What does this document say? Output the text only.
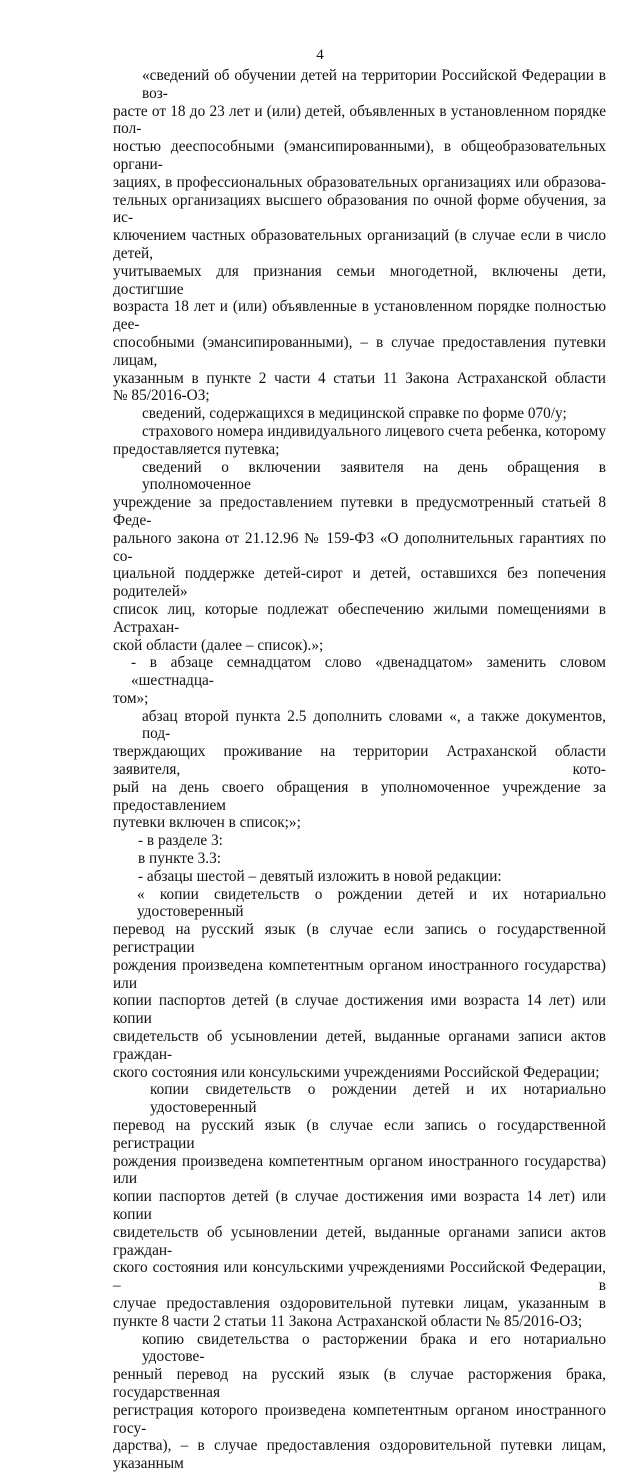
4

«сведений об обучении детей на территории Российской Федерации в воз-
расте от 18 до 23 лет и (или) детей, объявленных в установленном порядке пол-
ностью дееспособными (эмансипированными), в общеобразовательных органи-
зациях, в профессиональных образовательных организациях или образова-
тельных организациях высшего образования по очной форме обучения, за ис-
ключением частных образовательных организаций (в случае если в число детей,
учитываемых для признания семьи многодетной, включены дети, достигшие
возраста 18 лет и (или) объявленные в установленном порядке полностью дее-
способными (эмансипированными), – в случае предоставления путевки лицам,
указанным в пункте 2 части 4 статьи 11 Закона Астраханской области
№ 85/2016-ОЗ;

сведений, содержащихся в медицинской справке по форме 070/у;

страхового номера индивидуального лицевого счета ребенка, которому
предоставляется путевка;

сведений о включении заявителя на день обращения в уполномоченное
учреждение за предоставлением путевки в предусмотренный статьей 8 Феде-
рального закона от 21.12.96 № 159-ФЗ «О дополнительных гарантиях по со-
циальной поддержке детей-сирот и детей, оставшихся без попечения родителей»
список лиц, которые подлежат обеспечению жилыми помещениями в Астрахан-
ской области (далее – список).»;

- в абзаце семнадцатом слово «двенадцатом» заменить словом «шестнадца-
том»;

абзац второй пункта 2.5 дополнить словами «, а также документов, под-
тверждающих проживание на территории Астраханской области заявителя, кото-
рый на день своего обращения в уполномоченное учреждение за предоставлением
путевки включен в список;»;

- в разделе 3:

в пункте 3.3:

- абзацы шестой – девятый изложить в новой редакции:

« копии свидетельств о рождении детей и их нотариально удостоверенный
перевод на русский язык (в случае если запись о государственной регистрации
рождения произведена компетентным органом иностранного государства) или
копии паспортов детей (в случае достижения ими возраста 14 лет) или копии
свидетельств об усыновлении детей, выданные органами записи актов граждан-
ского состояния или консульскими учреждениями Российской Федерации;

копии свидетельств о рождении детей и их нотариально удостоверенный
перевод на русский язык (в случае если запись о государственной регистрации
рождения произведена компетентным органом иностранного государства) или
копии паспортов детей (в случае достижения ими возраста 14 лет) или копии
свидетельств об усыновлении детей, выданные органами записи актов граждан-
ского состояния или консульскими учреждениями Российской Федерации, – в
случае предоставления оздоровительной путевки лицам, указанным в
пункте 8 части 2 статьи 11 Закона Астраханской области № 85/2016-ОЗ;

копию свидетельства о расторжении брака и его нотариально удостове-
ренный перевод на русский язык (в случае расторжения брака, государственная
регистрация которого произведена компетентным органом иностранного госу-
дарства), – в случае предоставления оздоровительной путевки лицам, указанным
